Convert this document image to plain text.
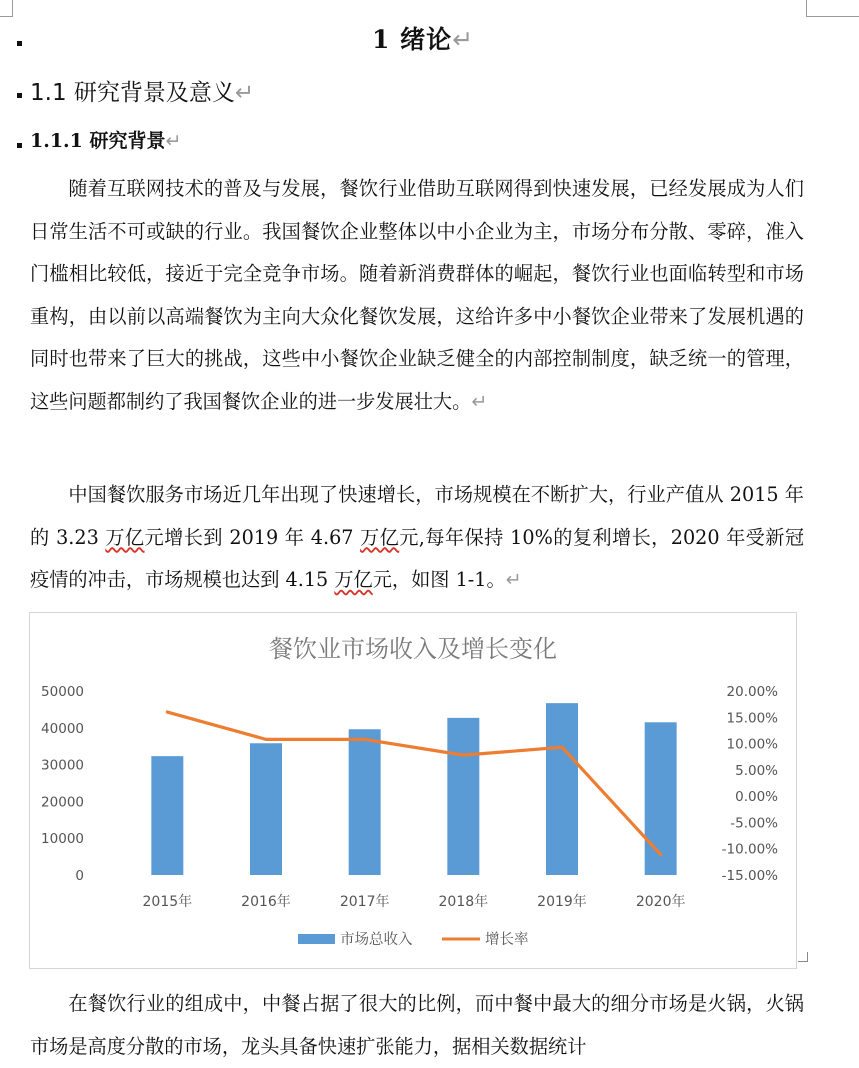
1 绪论↵
1.1 研究背景及意义↵
1.1.1 研究背景↵

随着互联网技术的普及与发展，餐饮行业借助互联网得到快速发展，已经发展成为人们日常生活不可或缺的行业。我国餐饮企业整体以中小企业为主，市场分布分散、零碎，准入门槛相比较低，接近于完全竞争市场。随着新消费群体的崛起，餐饮行业也面临转型和市场重构，由以前以高端餐饮为主向大众化餐饮发展，这给许多中小餐饮企业带来了发展机遇的同时也带来了巨大的挑战，这些中小餐饮企业缺乏健全的内部控制制度，缺乏统一的管理，这些问题都制约了我国餐饮企业的进一步发展壮大。↵

中国餐饮服务市场近几年出现了快速增长，市场规模在不断扩大，行业产值从 2015 年的 3.23 万亿元增长到 2019 年 4.67 万亿元,每年保持 10%的复利增长，2020 年受新冠疫情的冲击，市场规模也达到 4.15 万亿元，如图 1-1。↵

餐饮业市场收入及增长变化
0
10000
20000
30000
40000
50000
-15.00%
-10.00%
-5.00%
0.00%
5.00%
10.00%
15.00%
20.00%
2015年	2016年	2017年	2018年	2019年	2020年
市场总收入	增长率

在餐饮行业的组成中，中餐占据了很大的比例，而中餐中最大的细分市场是火锅，火锅市场是高度分散的市场，龙头具备快速扩张能力，据相关数据统计
